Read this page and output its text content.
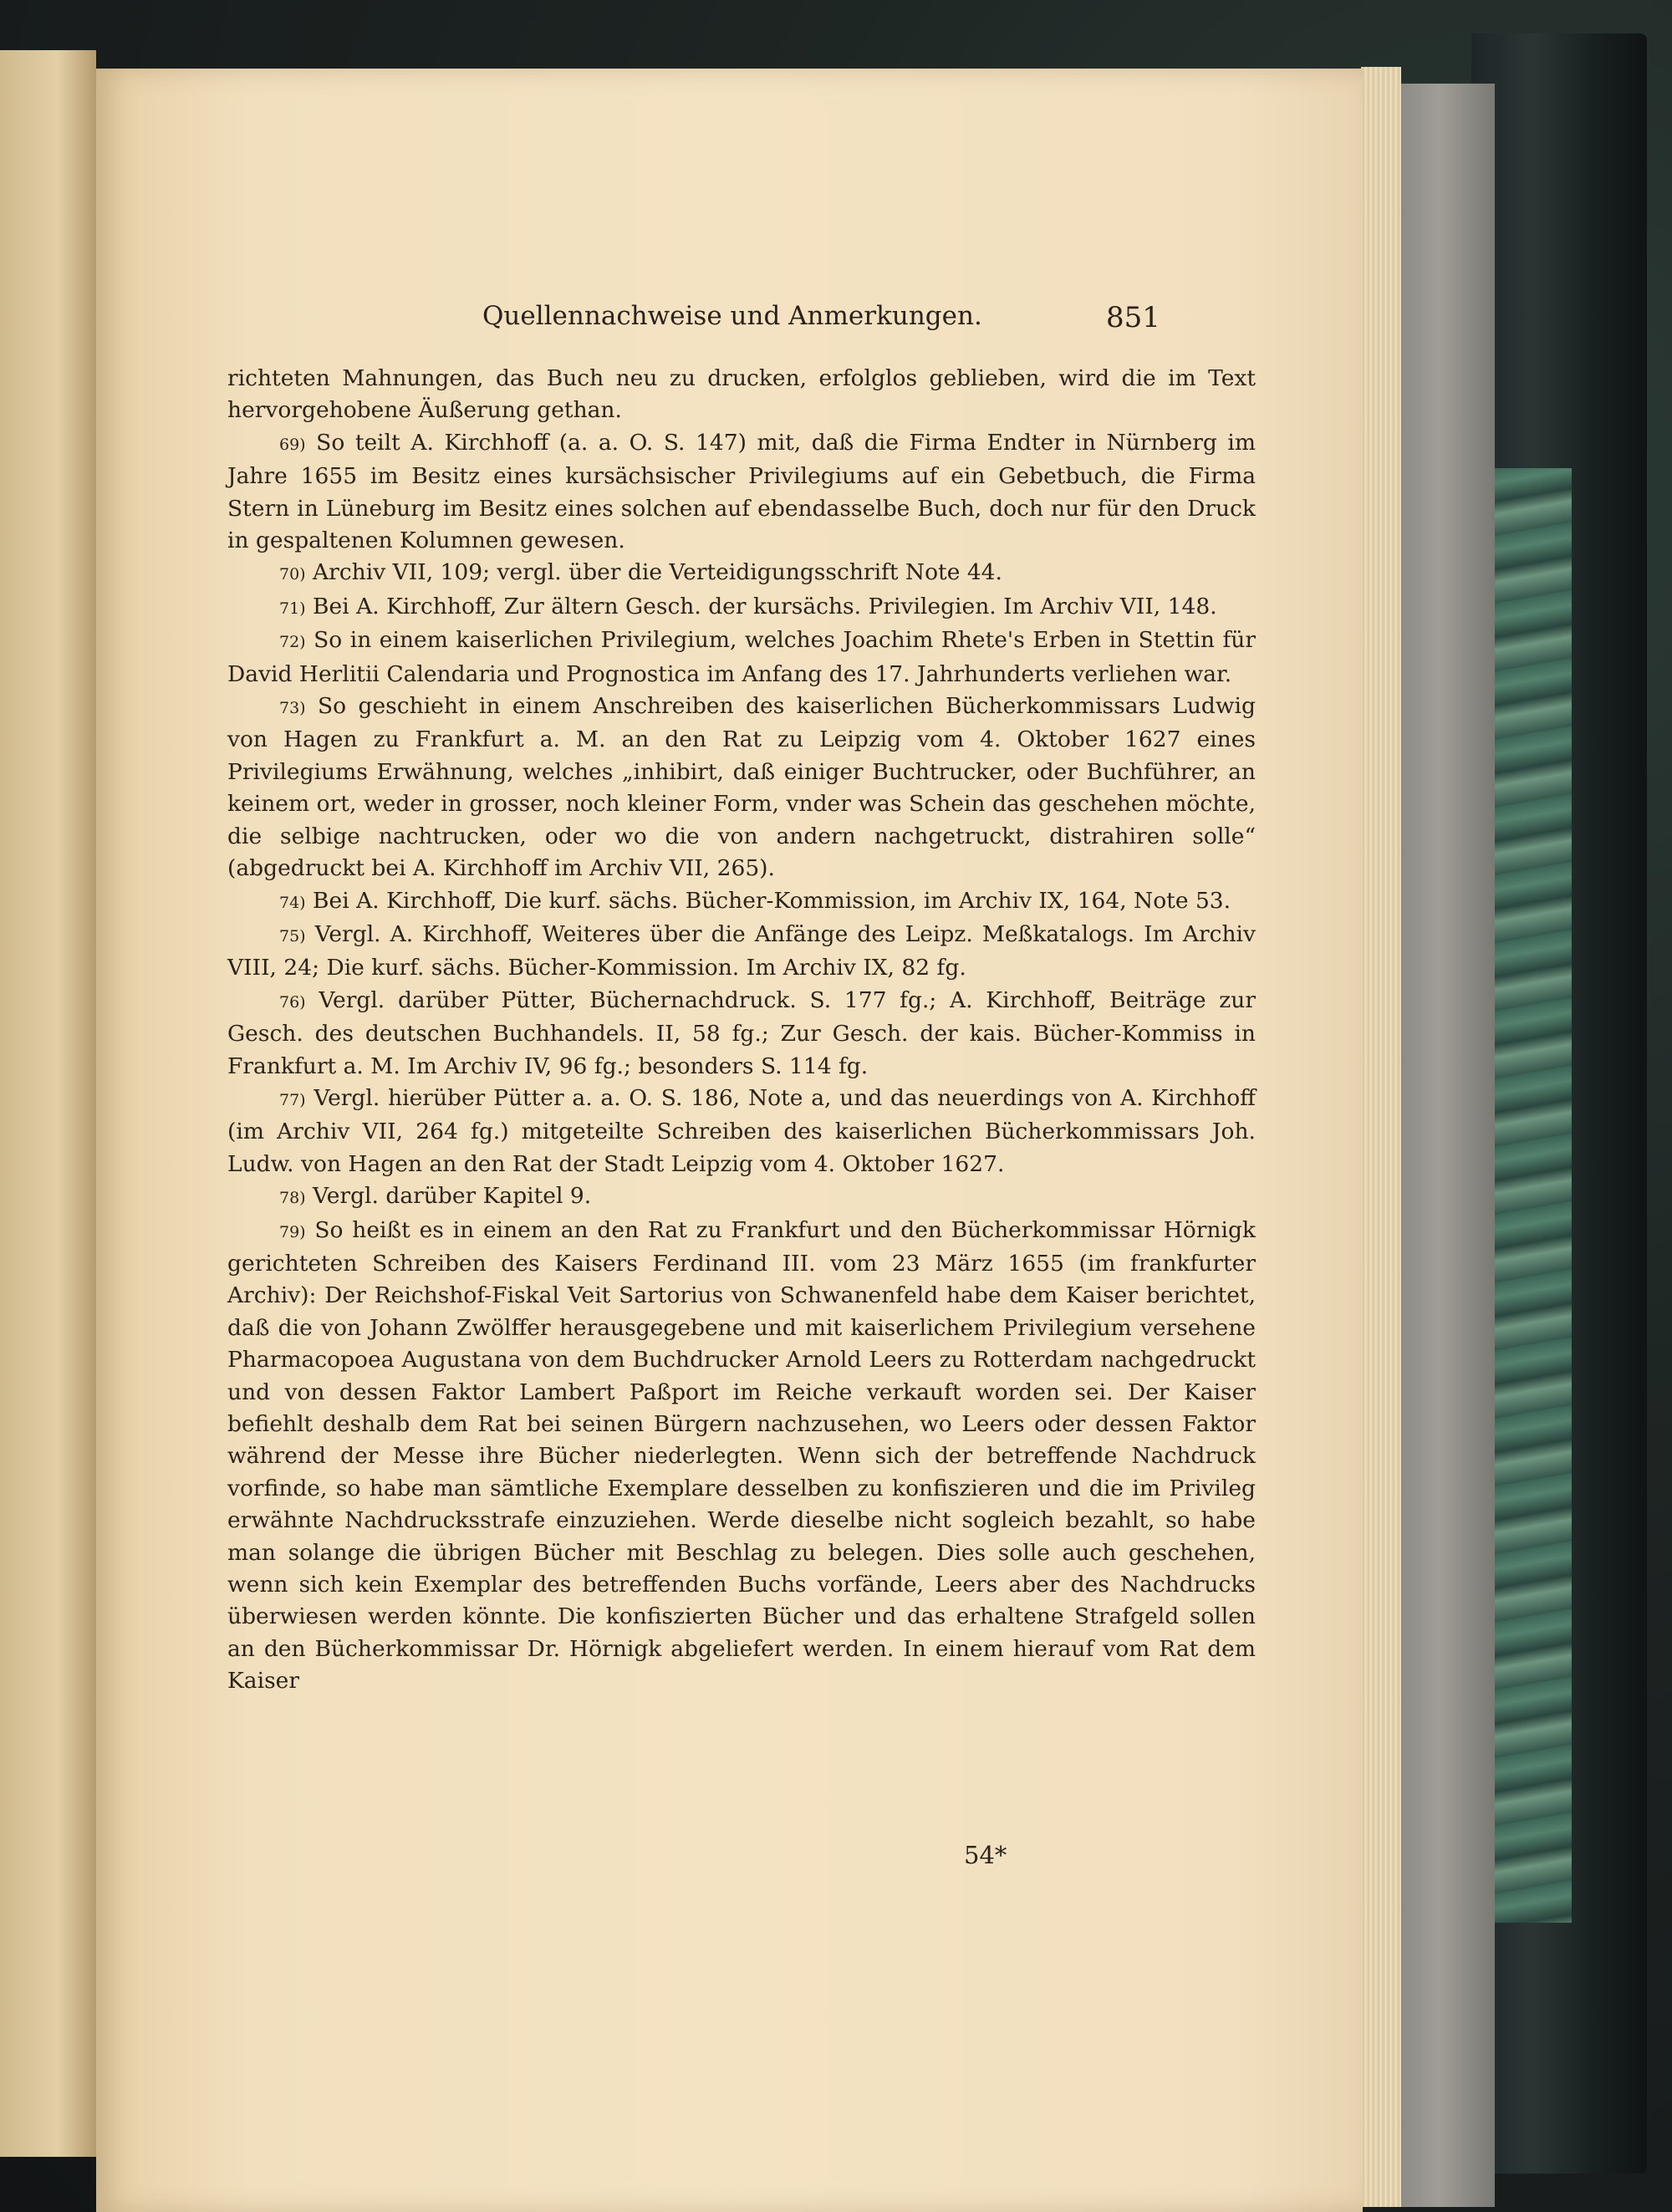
Quellennachweise und Anmerkungen.	851

richteten Mahnungen, das Buch neu zu drucken, erfolglos geblieben, wird die im Text hervorgehobene Äußerung gethan.

69) So teilt A. Kirchhoff (a. a. O. S. 147) mit, daß die Firma Endter in Nürnberg im Jahre 1655 im Besitz eines kursächsischer Privilegiums auf ein Gebetbuch, die Firma Stern in Lüneburg im Besitz eines solchen auf ebendasselbe Buch, doch nur für den Druck in gespaltenen Kolumnen gewesen.

70) Archiv VII, 109; vergl. über die Verteidigungsschrift Note 44.

71) Bei A. Kirchhoff, Zur ältern Gesch. der kursächs. Privilegien. Im Archiv VII, 148.

72) So in einem kaiserlichen Privilegium, welches Joachim Rhete's Erben in Stettin für David Herlitii Calendaria und Prognostica im Anfang des 17. Jahrhunderts verliehen war.

73) So geschieht in einem Anschreiben des kaiserlichen Bücherkommissars Ludwig von Hagen zu Frankfurt a. M. an den Rat zu Leipzig vom 4. Oktober 1627 eines Privilegiums Erwähnung, welches „inhibirt, daß einiger Buchtrucker, oder Buchführer, an keinem ort, weder in grosser, noch kleiner Form, vnder was Schein das geschehen möchte, die selbige nachtrucken, oder wo die von andern nachgetruckt, distrahiren solle“ (abgedruckt bei A. Kirchhoff im Archiv VII, 265).

74) Bei A. Kirchhoff, Die kurf. sächs. Bücher-Kommission, im Archiv IX, 164, Note 53.

75) Vergl. A. Kirchhoff, Weiteres über die Anfänge des Leipz. Meßkatalogs. Im Archiv VIII, 24; Die kurf. sächs. Bücher-Kommission. Im Archiv IX, 82 fg.

76) Vergl. darüber Pütter, Büchernachdruck. S. 177 fg.; A. Kirchhoff, Beiträge zur Gesch. des deutschen Buchhandels. II, 58 fg.; Zur Gesch. der kais. Bücher-Kommiss in Frankfurt a. M. Im Archiv IV, 96 fg.; besonders S. 114 fg.

77) Vergl. hierüber Pütter a. a. O. S. 186, Note a, und das neuerdings von A. Kirchhoff (im Archiv VII, 264 fg.) mitgeteilte Schreiben des kaiserlichen Bücherkommissars Joh. Ludw. von Hagen an den Rat der Stadt Leipzig vom 4. Oktober 1627.

78) Vergl. darüber Kapitel 9.

79) So heißt es in einem an den Rat zu Frankfurt und den Bücherkommissar Hörnigk gerichteten Schreiben des Kaisers Ferdinand III. vom 23 März 1655 (im frankfurter Archiv): Der Reichshof-Fiskal Veit Sartorius von Schwanenfeld habe dem Kaiser berichtet, daß die von Johann Zwölffer herausgegebene und mit kaiserlichem Privilegium versehene Pharmacopoea Augustana von dem Buchdrucker Arnold Leers zu Rotterdam nachgedruckt und von dessen Faktor Lambert Paßport im Reiche verkauft worden sei. Der Kaiser befiehlt deshalb dem Rat bei seinen Bürgern nachzusehen, wo Leers oder dessen Faktor während der Messe ihre Bücher niederlegten. Wenn sich der betreffende Nachdruck vorfinde, so habe man sämtliche Exemplare desselben zu konfiszieren und die im Privileg erwähnte Nachdrucksstrafe einzuziehen. Werde dieselbe nicht sogleich bezahlt, so habe man solange die übrigen Bücher mit Beschlag zu belegen. Dies solle auch geschehen, wenn sich kein Exemplar des betreffenden Buchs vorfände, Leers aber des Nachdrucks überwiesen werden könnte. Die konfiszierten Bücher und das erhaltene Strafgeld sollen an den Bücherkommissar Dr. Hörnigk abgeliefert werden. In einem hierauf vom Rat dem Kaiser

54*
